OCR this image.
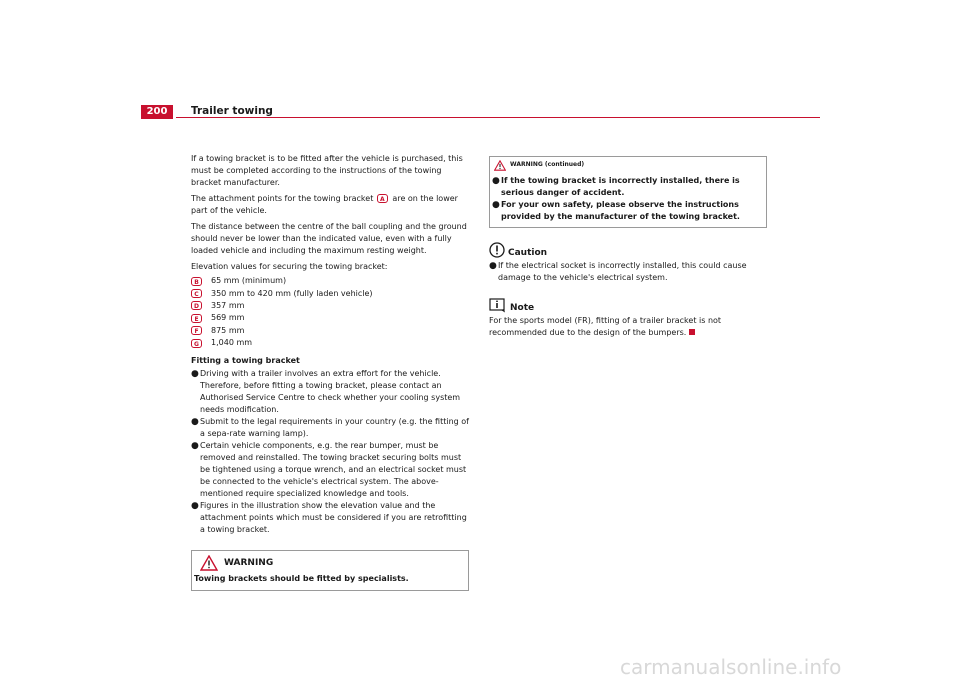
200	Trailer towing

If a towing bracket is to be fitted after the vehicle is purchased, this must be completed according to the instructions of the towing bracket manufacturer.

The attachment points for the towing bracket A are on the lower part of the vehicle.

The distance between the centre of the ball coupling and the ground should never be lower than the indicated value, even with a fully loaded vehicle and including the maximum resting weight.

Elevation values for securing the towing bracket:

B	65 mm (minimum)
C	350 mm to 420 mm (fully laden vehicle)
D	357 mm
E	569 mm
F	875 mm
G	1,040 mm

Fitting a towing bracket

● Driving with a trailer involves an extra effort for the vehicle. Therefore, before fitting a towing bracket, please contact an Authorised Service Centre to check whether your cooling system needs modification.
● Submit to the legal requirements in your country (e.g. the fitting of a sepa-rate warning lamp).
● Certain vehicle components, e.g. the rear bumper, must be removed and reinstalled. The towing bracket securing bolts must be tightened using a torque wrench, and an electrical socket must be connected to the vehicle's electrical system. The above-mentioned require specialized knowledge and tools.
● Figures in the illustration show the elevation value and the attachment points which must be considered if you are retrofitting a towing bracket.
WARNING
Towing brackets should be fitted by specialists.
WARNING (continued)
● If the towing bracket is incorrectly installed, there is serious danger of accident.
● For your own safety, please observe the instructions provided by the manufacturer of the towing bracket.
Caution
● If the electrical socket is incorrectly installed, this could cause damage to the vehicle's electrical system.
Note

For the sports model (FR), fitting of a trailer bracket is not recommended due to the design of the bumpers.

carmanualsonline.info
